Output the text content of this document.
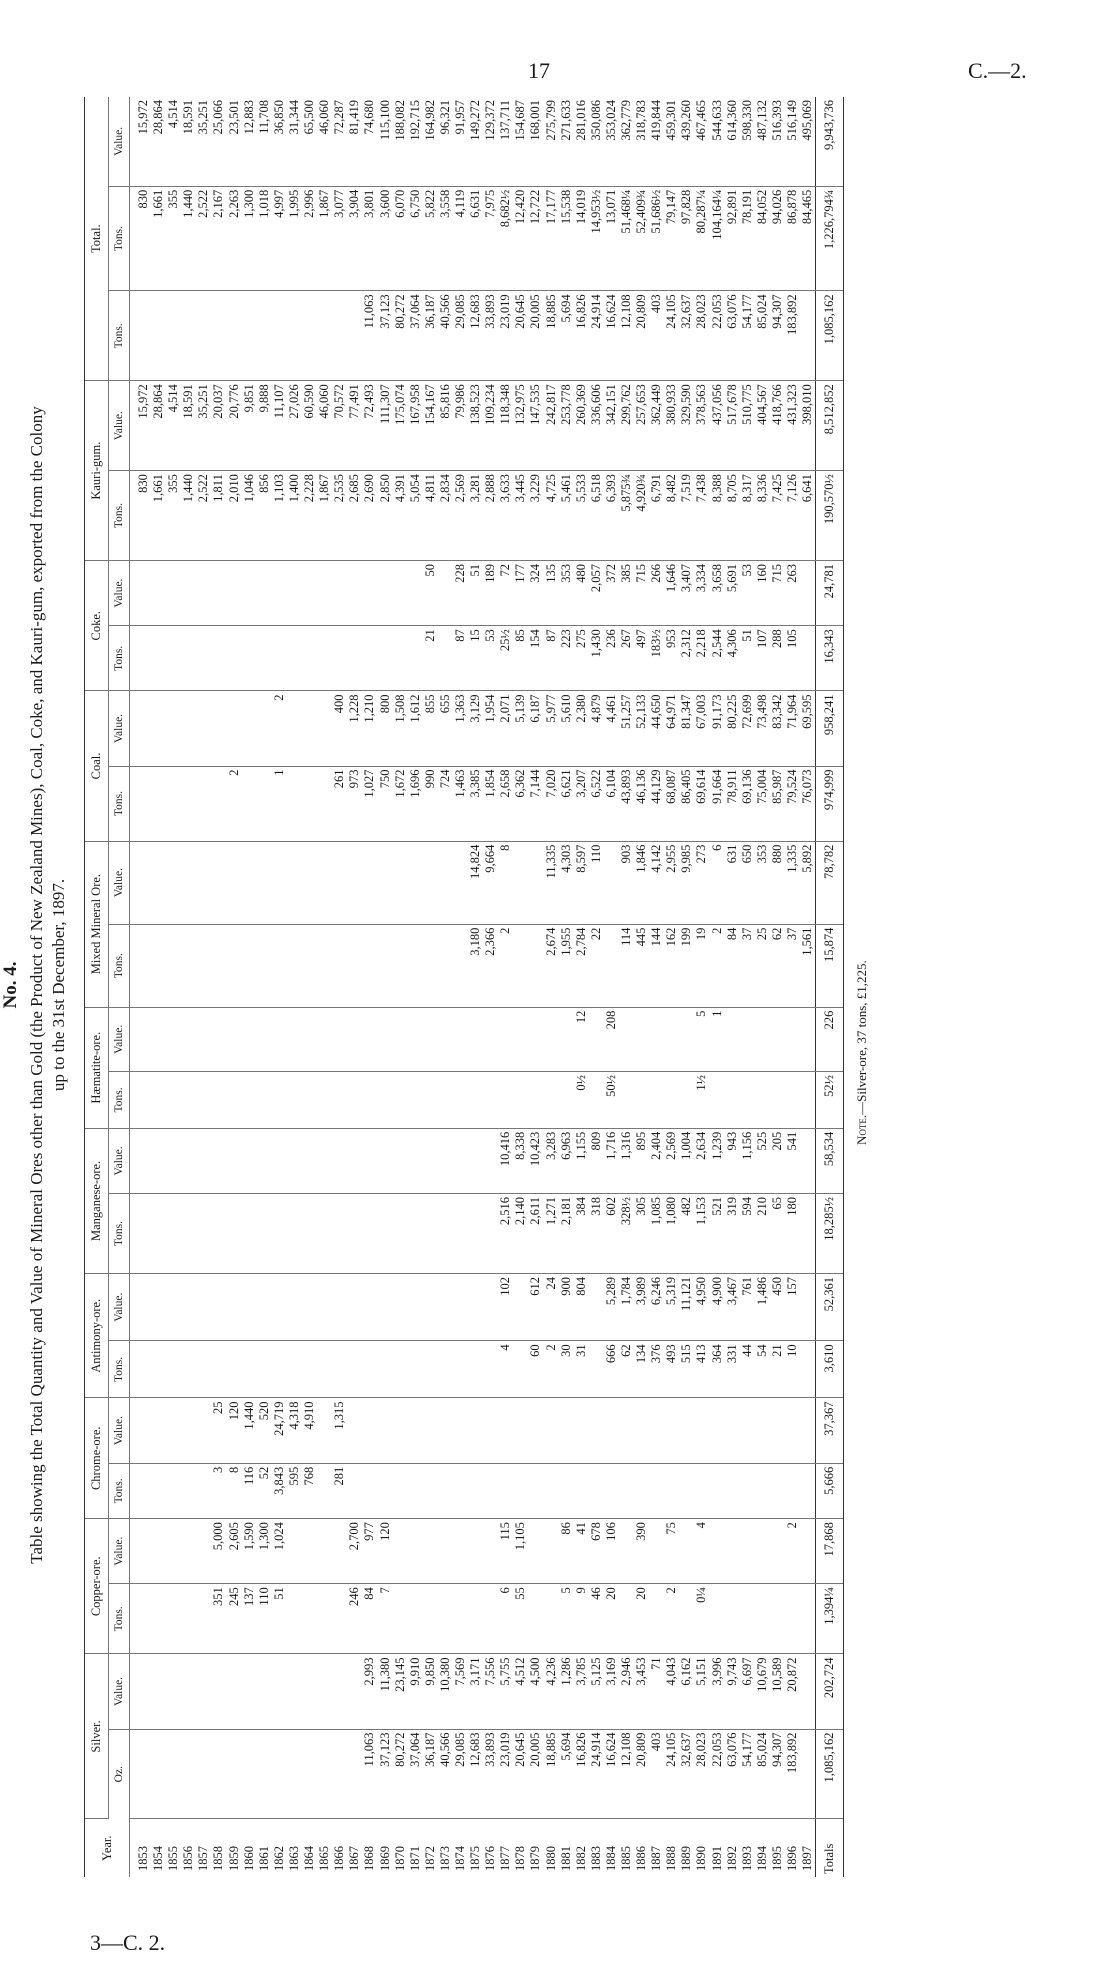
17	C.—2.
3—C. 2.
No. 4. Table showing the Total Quantity and Value of Mineral Ores other than Gold (the Product of New Zealand Mines), Coal, Coke, and Kauri-gum, exported from the Colony up to the 31st December, 1897.
Year.	Silver.		Copper-ore.		Chrome-ore.		Antimony-ore.		Manganese-ore.		Hæmatite-ore.		Mixed Mineral Ore.		Coal.		Coke.		Kauri-gum.		Total.		
	Oz.	Value.	Tons.	Value.	Tons.	Value.	Tons.	Value.	Tons.	Value.	Tons.	Value.	Tons.	Value.	Tons.	Value.	Tons.	Value.	Tons.	Value.	Tons.	Tons.	Value.
1853																			830	15,972		830	15,972
1854																			1,661	28,864		1,661	28,864
1855																			355	4,514		355	4,514
1856																			1,440	18,591		1,440	18,591
1857																			2,522	35,251		2,522	35,251
1858			351	5,000	3	25													1,811	20,037		2,167	25,066
1859			245	2,605	8	120									2				2,010	20,776		2,263	23,501
1860			137	1,590	116	1,440													1,046	9,851		1,300	12,883
1861			110	1,300	52	520													856	9,888		1,018	11,708
1862			51	1,024	3,843	24,719									1	2			1,103	11,107		4,997	36,850
1863					595	4,318													1,400	27,026		1,995	31,344
1864					768	4,910													2,228	60,590		2,996	65,500
1865																			1,867	46,060		1,867	46,060
1866					281	1,315									261	400			2,535	70,572		3,077	72,287
1867			246	2,700											973	1,228			2,685	77,491		3,904	81,419
1868	11,063	2,993	84	977											1,027	1,210			2,690	72,493	11,063	3,801	74,680
1869	37,123	11,380	7	120											750	800			2,850	111,307	37,123	3,600	115,100
1870	80,272	23,145													1,672	1,508			4,391	175,074	80,272	6,070	188,082
1871	37,064	9,910													1,696	1,612			5,054	167,958	37,064	6,750	192,715
1872	36,187	9,850													990	855	21	50	4,811	154,167	36,187	5,822	164,982
1873	40,566	10,380													724	655			2,834	85,816	40,566	3,558	96,321
1874	29,085	7,569													1,463	1,363	87	228	2,569	79,986	29,085	4,119	91,957
1875	12,683	3,171											3,180	14,824	3,385	3,129	15	51	3,281	138,523	12,683	6,631	149,272
1876	33,893	7,556											2,366	9,664	1,854	1,954	53	189	2,888	109,234	33,893	7,975	129,372
1877	23,019	5,755	6	115			4	102	2,516	10,416			2	8	2,658	2,071	25½	72	3,633	118,348	23,019	8,682½	137,711
1878	20,645	4,512	55	1,105					2,140	8,338					6,362	5,139	85	177	3,445	132,975	20,645	12,420	154,687
1879	20,005	4,500					60	612	2,611	10,423					7,144	6,187	154	324	3,229	147,535	20,005	12,722	168,001
1880	18,885	4,236					2	24	1,271	3,283			2,674	11,335	7,020	5,977	87	135	4,725	242,817	18,885	17,177	275,799
1881	5,694	1,286	5	86			30	900	2,181	6,963			1,955	4,303	6,621	5,610	223	353	5,461	253,778	5,694	15,538	271,633
1882	16,826	3,785	9	41			31	804	384	1,155	0½	12	2,784	8,597	3,207	2,380	275	480	5,533	260,369	16,826	14,019	281,016
1883	24,914	5,125	46	678					318	809			22	110	6,522	4,879	1,430	2,057	6,518	336,606	24,914	14,953½	350,086
1884	16,624	3,169	20	106			666	5,289	602	1,716	50½	208			6,104	4,461	236	372	6,393	342,151	16,624	13,071	353,024
1885	12,108	2,946					62	1,784	328½	1,316			114	903	43,893	51,257	267	385	5,875¾	299,762	12,108	51,468¼	362,779
1886	20,809	3,453	20	390			134	3,989	305	895			445	1,846	46,136	52,133	497	715	4,920¾	257,653	20,809	52,409¾	318,783
1887	403	71					376	6,246	1,085	2,404			144	4,142	44,129	44,650	183½	266	6,791	362,449	403	51,686½	419,844
1888	24,105	4,043	2	75			493	5,319	1,080	2,569			162	2,955	68,087	64,971	953	1,646	8,482	380,933	24,105	79,147	459,301
1889	32,637	6,162					515	11,121	482	1,004			199	9,985	86,405	81,347	2,312	3,407	7,519	329,590	32,637	97,828	439,260
1890	28,023	5,151	0¼	4			413	4,950	1,153	2,634	1½	5	19	273	69,614	67,003	2,218	3,334	7,438	378,563	28,023	80,287¼	467,465
1891	22,053	3,996					364	4,900	521	1,239		1	2	6	91,664	91,173	2,544	3,658	8,388	437,056	22,053	104,164¼	544,633
1892	63,076	9,743					331	3,467	319	943			84	631	78,911	80,225	4,306	5,691	8,705	517,678	63,076	92,891	614,360
1893	54,177	6,697					44	761	594	1,156			37	650	69,136	72,699	51	53	8,317	510,775	54,177	78,191	598,330
1894	85,024	10,679					54	1,486	210	525			25	353	75,004	73,498	107	160	8,336	404,567	85,024	84,052	487,132
1895	94,307	10,589					21	450	65	205			62	880	85,987	83,342	288	715	7,425	418,766	94,307	94,026	516,393
1896	183,892	20,872		2			10	157	180	541			37	1,335	79,524	71,964	105	263	7,126	431,323	183,892	86,878	516,149
1897													1,561	5,892	76,073	69,595			6,641	398,010		84,465	495,069
Totals	1,085,162	202,724	1,394¼	17,868	5,666	37,367	3,610	52,361	18,285½	58,534	52½	226	15,874	78,782	974,999	958,241	16,343	24,781	190,570½	8,512,852	1,085,162	1,226,794¾	9,943,736
Note.—Silver-ore, 37 tons, £1,225.
